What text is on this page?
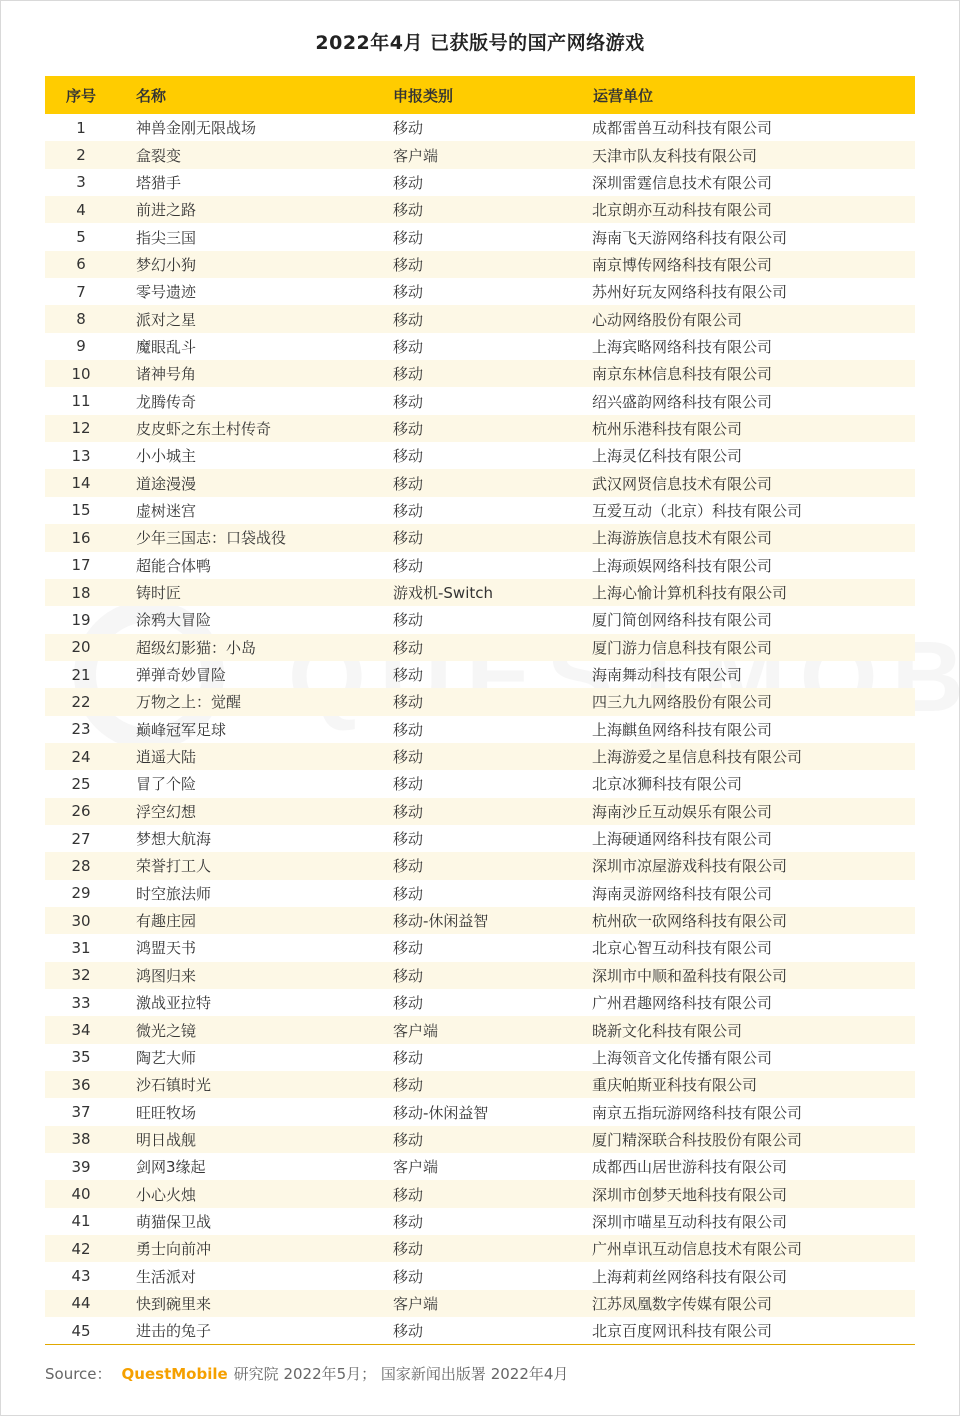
2022年4月 已获版号的国产网络游戏
序号	名称	申报类别	运营单位
1	神兽金刚无限战场	移动	成都雷兽互动科技有限公司
2	盒裂变	客户端	天津市队友科技有限公司
3	塔猎手	移动	深圳雷霆信息技术有限公司
4	前进之路	移动	北京朗亦互动科技有限公司
5	指尖三国	移动	海南飞天游网络科技有限公司
6	梦幻小狗	移动	南京博传网络科技有限公司
7	零号遗迹	移动	苏州好玩友网络科技有限公司
8	派对之星	移动	心动网络股份有限公司
9	魔眼乱斗	移动	上海宾略网络科技有限公司
10	诸神号角	移动	南京东林信息科技有限公司
11	龙腾传奇	移动	绍兴盛韵网络科技有限公司
12	皮皮虾之东土村传奇	移动	杭州乐港科技有限公司
13	小小城主	移动	上海灵亿科技有限公司
14	道途漫漫	移动	武汉网贤信息技术有限公司
15	虚树迷宫	移动	互爱互动（北京）科技有限公司
16	少年三国志：口袋战役	移动	上海游族信息技术有限公司
17	超能合体鸭	移动	上海顽娱网络科技有限公司
18	铸时匠	游戏机-Switch	上海心愉计算机科技有限公司
19	涂鸦大冒险	移动	厦门简创网络科技有限公司
20	超级幻影猫：小岛	移动	厦门游力信息科技有限公司
21	弹弹奇妙冒险	移动	海南舞动科技有限公司
22	万物之上：觉醒	移动	四三九九网络股份有限公司
23	巅峰冠军足球	移动	上海麒鱼网络科技有限公司
24	逍遥大陆	移动	上海游爱之星信息科技有限公司
25	冒了个险	移动	北京冰狮科技有限公司
26	浮空幻想	移动	海南沙丘互动娱乐有限公司
27	梦想大航海	移动	上海硬通网络科技有限公司
28	荣誉打工人	移动	深圳市凉屋游戏科技有限公司
29	时空旅法师	移动	海南灵游网络科技有限公司
30	有趣庄园	移动-休闲益智	杭州砍一砍网络科技有限公司
31	鸿盟天书	移动	北京心智互动科技有限公司
32	鸿图归来	移动	深圳市中顺和盈科技有限公司
33	激战亚拉特	移动	广州君趣网络科技有限公司
34	微光之镜	客户端	晓新文化科技有限公司
35	陶艺大师	移动	上海领音文化传播有限公司
36	沙石镇时光	移动	重庆帕斯亚科技有限公司
37	旺旺牧场	移动-休闲益智	南京五指玩游网络科技有限公司
38	明日战舰	移动	厦门精深联合科技股份有限公司
39	剑网3缘起	客户端	成都西山居世游科技有限公司
40	小心火烛	移动	深圳市创梦天地科技有限公司
41	萌猫保卫战	移动	深圳市喵星互动科技有限公司
42	勇士向前冲	移动	广州卓讯互动信息技术有限公司
43	生活派对	移动	上海莉莉丝网络科技有限公司
44	快到碗里来	客户端	江苏凤凰数字传媒有限公司
45	进击的兔子	移动	北京百度网讯科技有限公司
Source： QuestMobile 研究院 2022年5月； 国家新闻出版署 2022年4月
